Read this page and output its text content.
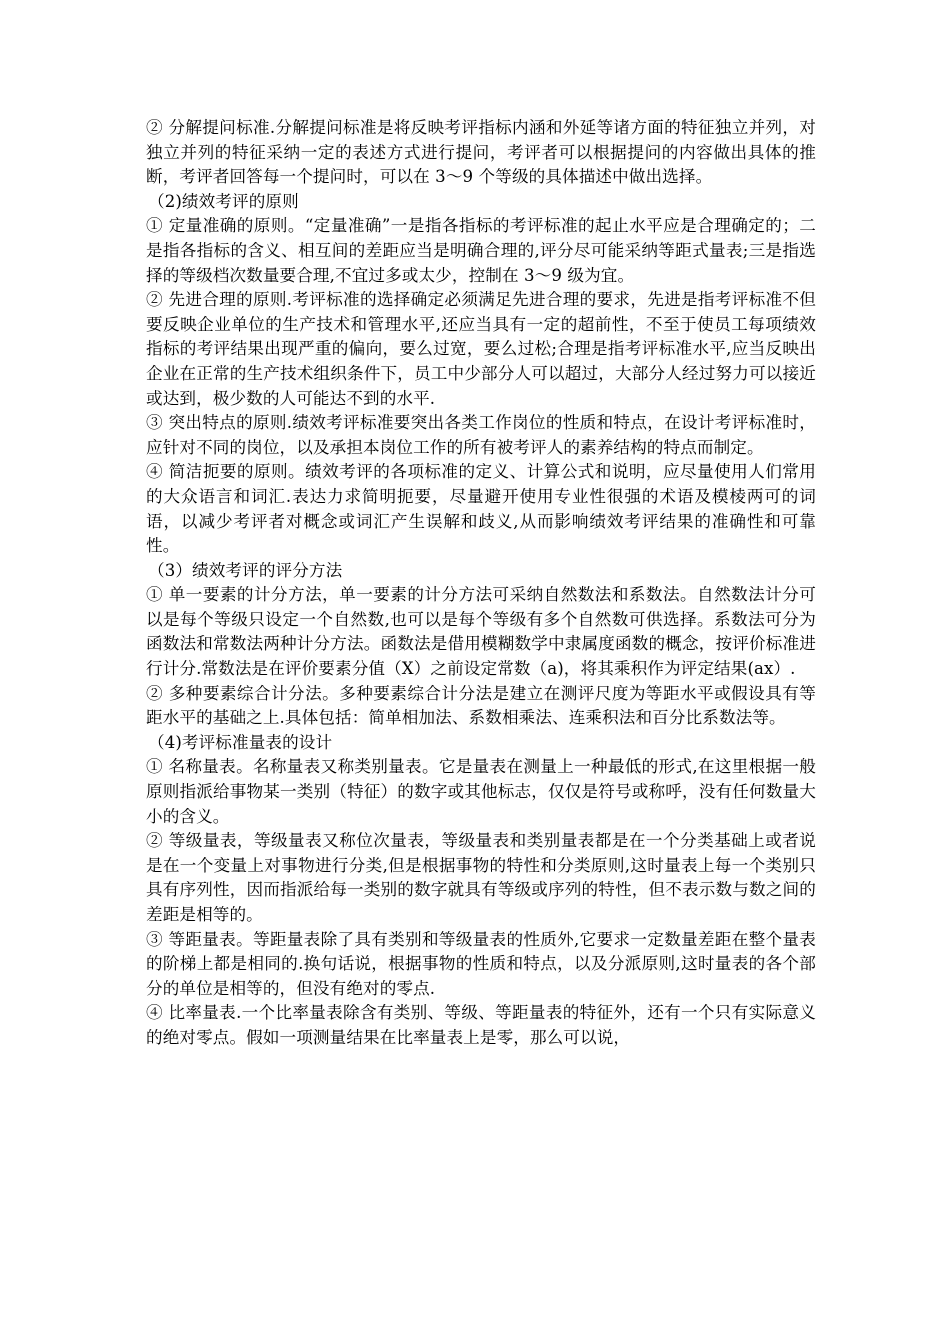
② 分解提问标准.分解提问标准是将反映考评指标内涵和外延等诸方面的特征独立并列，对独立并列的特征采纳一定的表述方式进行提问，考评者可以根据提问的内容做出具体的推断，考评者回答每一个提问时，可以在 3～9 个等级的具体描述中做出选择。

（2)绩效考评的原则

① 定量准确的原则。“定量准确”一是指各指标的考评标准的起止水平应是合理确定的；二是指各指标的含义、相互间的差距应当是明确合理的,评分尽可能采纳等距式量表;三是指选择的等级档次数量要合理,不宜过多或太少，控制在 3～9 级为宜。

② 先进合理的原则.考评标准的选择确定必须满足先进合理的要求，先进是指考评标准不但要反映企业单位的生产技术和管理水平,还应当具有一定的超前性，不至于使员工每项绩效指标的考评结果出现严重的偏向，要么过宽，要么过松;合理是指考评标准水平,应当反映出企业在正常的生产技术组织条件下，员工中少部分人可以超过，大部分人经过努力可以接近或达到，极少数的人可能达不到的水平.

③ 突出特点的原则.绩效考评标准要突出各类工作岗位的性质和特点，在设计考评标准时，应针对不同的岗位，以及承担本岗位工作的所有被考评人的素养结构的特点而制定。

④ 简洁扼要的原则。绩效考评的各项标准的定义、计算公式和说明，应尽量使用人们常用的大众语言和词汇.表达力求简明扼要，尽量避开使用专业性很强的术语及模棱两可的词语，以减少考评者对概念或词汇产生误解和歧义,从而影响绩效考评结果的准确性和可靠性。

（3）绩效考评的评分方法

① 单一要素的计分方法，单一要素的计分方法可采纳自然数法和系数法。自然数法计分可以是每个等级只设定一个自然数,也可以是每个等级有多个自然数可供选择。系数法可分为函数法和常数法两种计分方法。函数法是借用模糊数学中隶属度函数的概念，按评价标准进行计分.常数法是在评价要素分值（X）之前设定常数（a)，将其乘积作为评定结果(ax）.

② 多种要素综合计分法。多种要素综合计分法是建立在测评尺度为等距水平或假设具有等距水平的基础之上.具体包括：简单相加法、系数相乘法、连乘积法和百分比系数法等。

（4)考评标准量表的设计

① 名称量表。名称量表又称类别量表。它是量表在测量上一种最低的形式,在这里根据一般原则指派给事物某一类别（特征）的数字或其他标志，仅仅是符号或称呼，没有任何数量大小的含义。

② 等级量表，等级量表又称位次量表，等级量表和类别量表都是在一个分类基础上或者说是在一个变量上对事物进行分类,但是根据事物的特性和分类原则,这时量表上每一个类别只具有序列性，因而指派给每一类别的数字就具有等级或序列的特性，但不表示数与数之间的差距是相等的。

③ 等距量表。等距量表除了具有类别和等级量表的性质外,它要求一定数量差距在整个量表的阶梯上都是相同的.换句话说，根据事物的性质和特点，以及分派原则,这时量表的各个部分的单位是相等的，但没有绝对的零点.

④ 比率量表.一个比率量表除含有类别、等级、等距量表的特征外，还有一个只有实际意义的绝对零点。假如一项测量结果在比率量表上是零，那么可以说，
